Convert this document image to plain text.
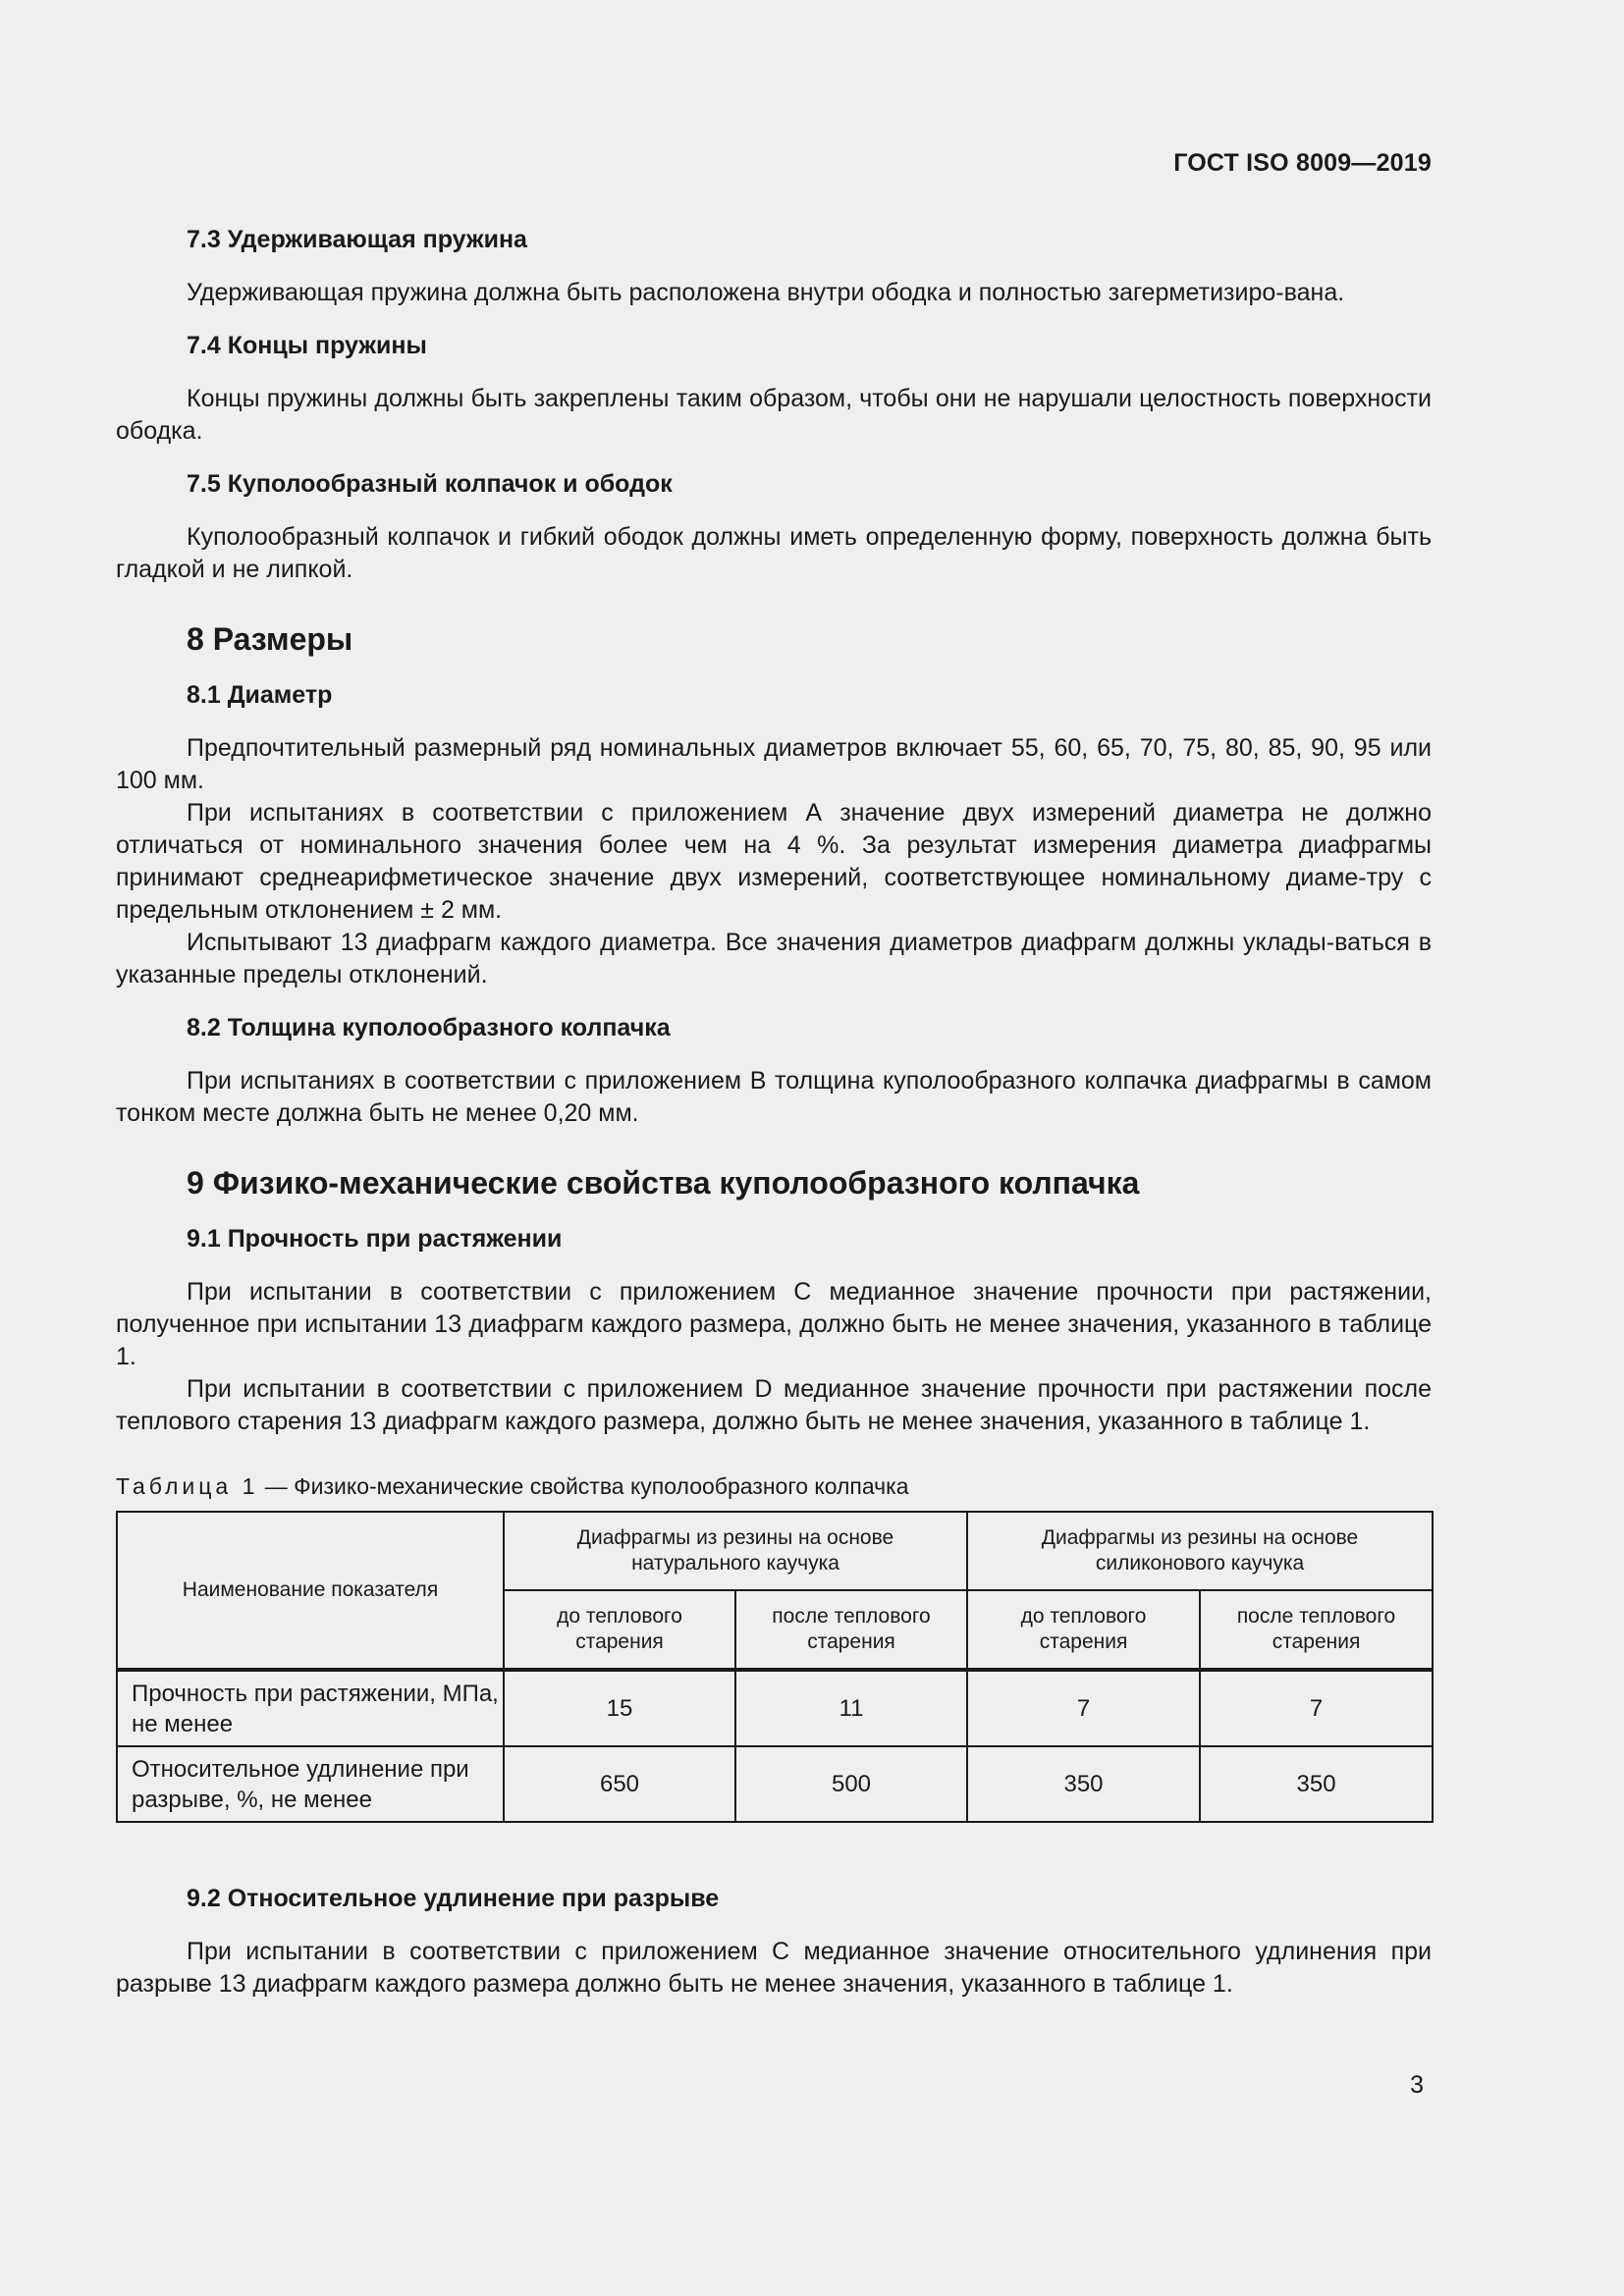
ГОСТ ISO 8009—2019
7.3 Удерживающая пружина

Удерживающая пружина должна быть расположена внутри ободка и полностью загерметизиро-вана.

7.4 Концы пружины

Концы пружины должны быть закреплены таким образом, чтобы они не нарушали целостность поверхности ободка.

7.5 Куполообразный колпачок и ободок

Куполообразный колпачок и гибкий ободок должны иметь определенную форму, поверхность должна быть гладкой и не липкой.

8 Размеры
8.1 Диаметр

Предпочтительный размерный ряд номинальных диаметров включает 55, 60, 65, 70, 75, 80, 85, 90, 95 или 100 мм.

При испытаниях в соответствии с приложением А значение двух измерений диаметра не должно отличаться от номинального значения более чем на 4 %. За результат измерения диаметра диафрагмы принимают среднеарифметическое значение двух измерений, соответствующее номинальному диаме-тру с предельным отклонением ± 2 мм.

Испытывают 13 диафрагм каждого диаметра. Все значения диаметров диафрагм должны уклады-ваться в указанные пределы отклонений.

8.2 Толщина куполообразного колпачка

При испытаниях в соответствии с приложением В толщина куполообразного колпачка диафрагмы в самом тонком месте должна быть не менее 0,20 мм.

9 Физико-механические свойства куполообразного колпачка
9.1 Прочность при растяжении

При испытании в соответствии с приложением С медианное значение прочности при растяжении, полученное при испытании 13 диафрагм каждого размера, должно быть не менее значения, указанного в таблице 1.

При испытании в соответствии с приложением D медианное значение прочности при растяжении после теплового старения 13 диафрагм каждого размера, должно быть не менее значения, указанного в таблице 1.

Таблица 1 — Физико-механические свойства куполообразного колпачка

Наименование показателя	Диафрагмы из резины на основе натурального каучука		Диафрагмы из резины на основе силиконового каучука	
	до теплового старения	после теплового старения	до теплового старения	после теплового старения
Прочность при растяжении, МПа, не менее	15	11	7	7
Относительное удлинение при разрыве, %, не менее	650	500	350	350
9.2 Относительное удлинение при разрыве

При испытании в соответствии с приложением С медианное значение относительного удлинения при разрыве 13 диафрагм каждого размера должно быть не менее значения, указанного в таблице 1.

3
